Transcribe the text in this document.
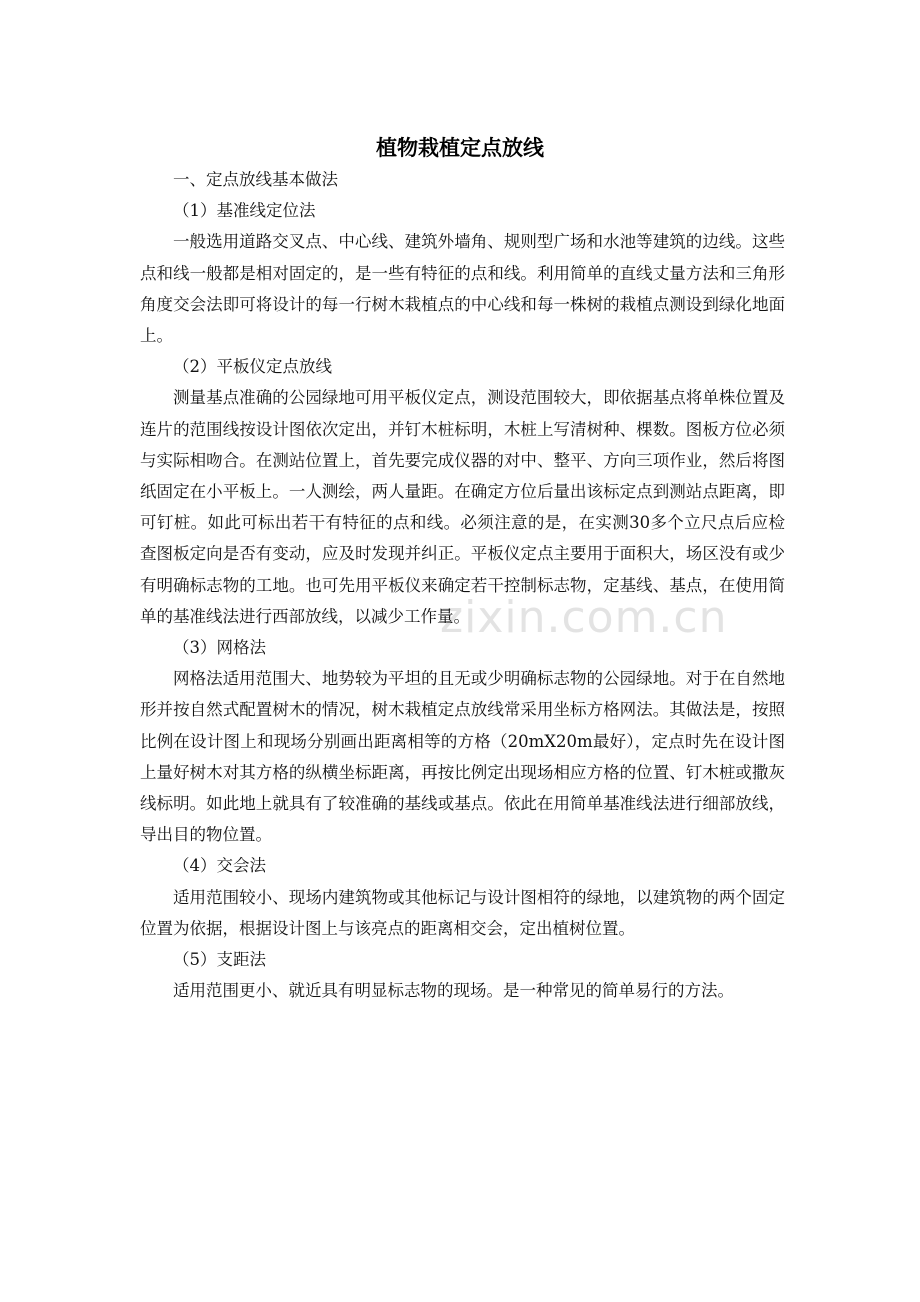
zixin.com.cn
植物栽植定点放线

一、定点放线基本做法

（1）基准线定位法

一般选用道路交叉点、中心线、建筑外墙角、规则型广场和水池等建筑的边线。这些点和线一般都是相对固定的，是一些有特征的点和线。利用简单的直线丈量方法和三角形角度交会法即可将设计的每一行树木栽植点的中心线和每一株树的栽植点测设到绿化地面上。

（2）平板仪定点放线

测量基点准确的公园绿地可用平板仪定点，测设范围较大，即依据基点将单株位置及连片的范围线按设计图依次定出，并钉木桩标明，木桩上写清树种、棵数。图板方位必须与实际相吻合。在测站位置上，首先要完成仪器的对中、整平、方向三项作业，然后将图纸固定在小平板上。一人测绘，两人量距。在确定方位后量出该标定点到测站点距离，即可钉桩。如此可标出若干有特征的点和线。必须注意的是，在实测30多个立尺点后应检查图板定向是否有变动，应及时发现并纠正。平板仪定点主要用于面积大，场区没有或少有明确标志物的工地。也可先用平板仪来确定若干控制标志物，定基线、基点，在使用简单的基准线法进行西部放线，以减少工作量。

（3）网格法

网格法适用范围大、地势较为平坦的且无或少明确标志物的公园绿地。对于在自然地形并按自然式配置树木的情况，树木栽植定点放线常采用坐标方格网法。其做法是，按照比例在设计图上和现场分别画出距离相等的方格（20mX20m最好），定点时先在设计图上量好树木对其方格的纵横坐标距离，再按比例定出现场相应方格的位置、钉木桩或撒灰线标明。如此地上就具有了较准确的基线或基点。依此在用简单基准线法进行细部放线，导出目的物位置。

（4）交会法

适用范围较小、现场内建筑物或其他标记与设计图相符的绿地，以建筑物的两个固定位置为依据，根据设计图上与该亮点的距离相交会，定出植树位置。

（5）支距法

适用范围更小、就近具有明显标志物的现场。是一种常见的简单易行的方法。
